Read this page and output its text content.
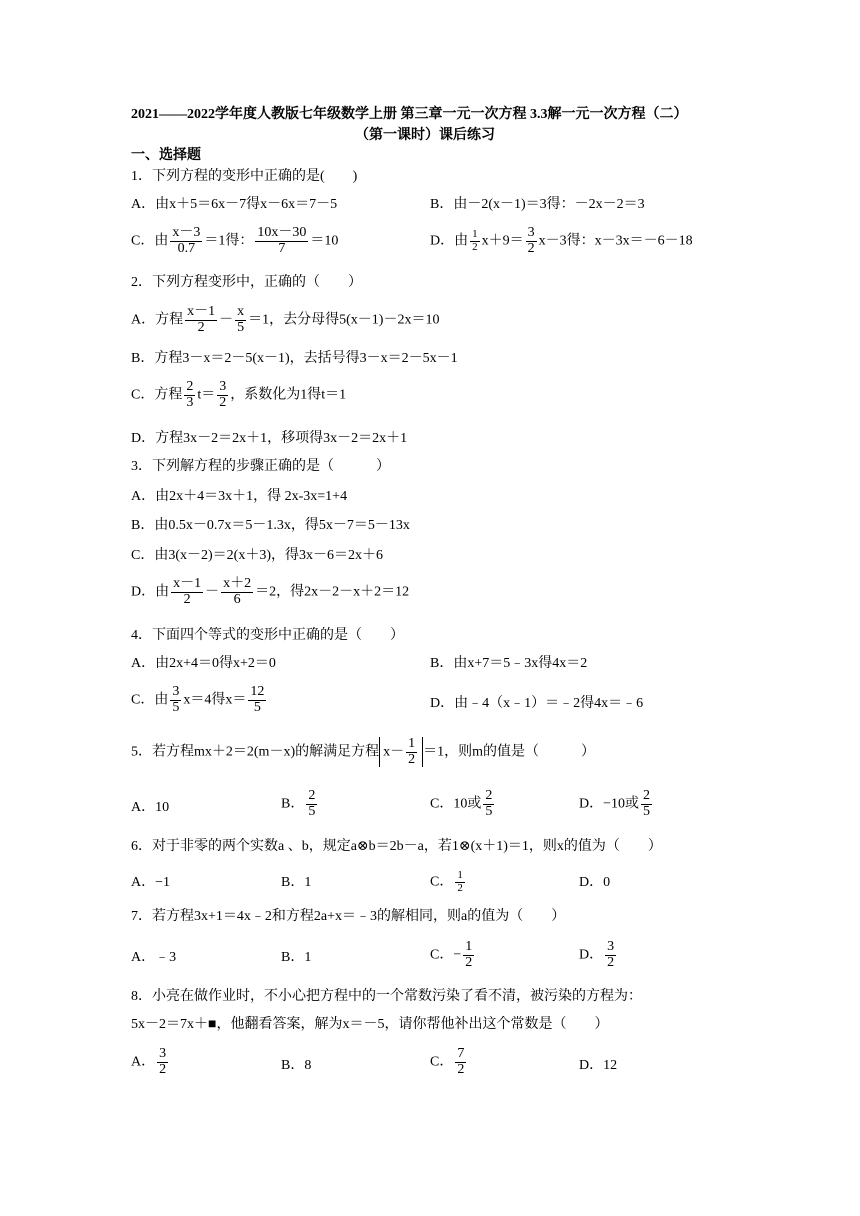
2021——2022学年度人教版七年级数学上册 第三章一元一次方程 3.3解一元一次方程（二）
（第一课时）课后练习
一、选择题
1．下列方程的变形中正确的是(　　)
A．由x＋5＝6x－7得x－6x＝7－5	B．由－2(x－1)＝3得：－2x－2＝3
C．由 $\frac{x-3}{0.7} =1$得： $\frac{10x-30}{7} =10$	D．由 $\frac{1}{2} x+9= \frac{3}{2} x-3$得：x－3x＝－6－18
2．下列方程变形中，正确的（　　）
A．方程 $\frac{x-1}{2} - \frac{x}{5} =1$，去分母得5(x－1)－2x＝10
B．方程3－x＝2－5(x－1)，去括号得3－x＝2－5x－1
C．方程 $\frac{2}{3} t= \frac{3}{2}$ ，系数化为1得t＝1
D．方程3x－2＝2x＋1，移项得3x－2＝2x＋1
3．下列解方程的步骤正确的是（　　　）
A．由2x＋4＝3x＋1，得 2x-3x=1+4
B．由0.5x－0.7x＝5－1.3x，得5x－7＝5－13x
C．由3(x－2)＝2(x＋3)，得3x－6＝2x＋6
D．由 $\frac{x-1}{2} - \frac{x+2}{6} =2$，得2x－2－x＋2＝12
4．下面四个等式的变形中正确的是（　　）
A．由2x+4＝0得x+2＝0	B．由x+7＝5﹣3x得4x＝2
C．由 $\frac{3}{5} x=4$得$x= \frac{12}{5}$	D．由﹣4（x﹣1）＝﹣2得4x＝﹣6
5．若方程mx＋2＝2(m－x)的解满足方程 $x- \frac{1}{2} =1$，则m的值是（　　　）
A．10	B． $\frac{2}{5}$	C．10或 $\frac{2}{5}$	D．−10或 $\frac{2}{5}$
6．对于非零的两个实数a 、b，规定a⊗b＝2b－a，若1⊗(x＋1)＝1，则x的值为（　　）
A．−1	B．1	C． $\frac{1}{2}$	D．0
7．若方程3x+1＝4x﹣2和方程2a+x＝﹣3的解相同，则a的值为（　　）
A．﹣3	B．1	C．− $\frac{1}{2}$	D． $\frac{3}{2}$
8．小亮在做作业时，不小心把方程中的一个常数污染了看不清，被污染的方程为：
5x－2＝7x＋■，他翻看答案，解为x＝－5，请你帮他补出这个常数是（　　）
A． $\frac{3}{2}$	B．8	C． $\frac{7}{2}$	D．12
